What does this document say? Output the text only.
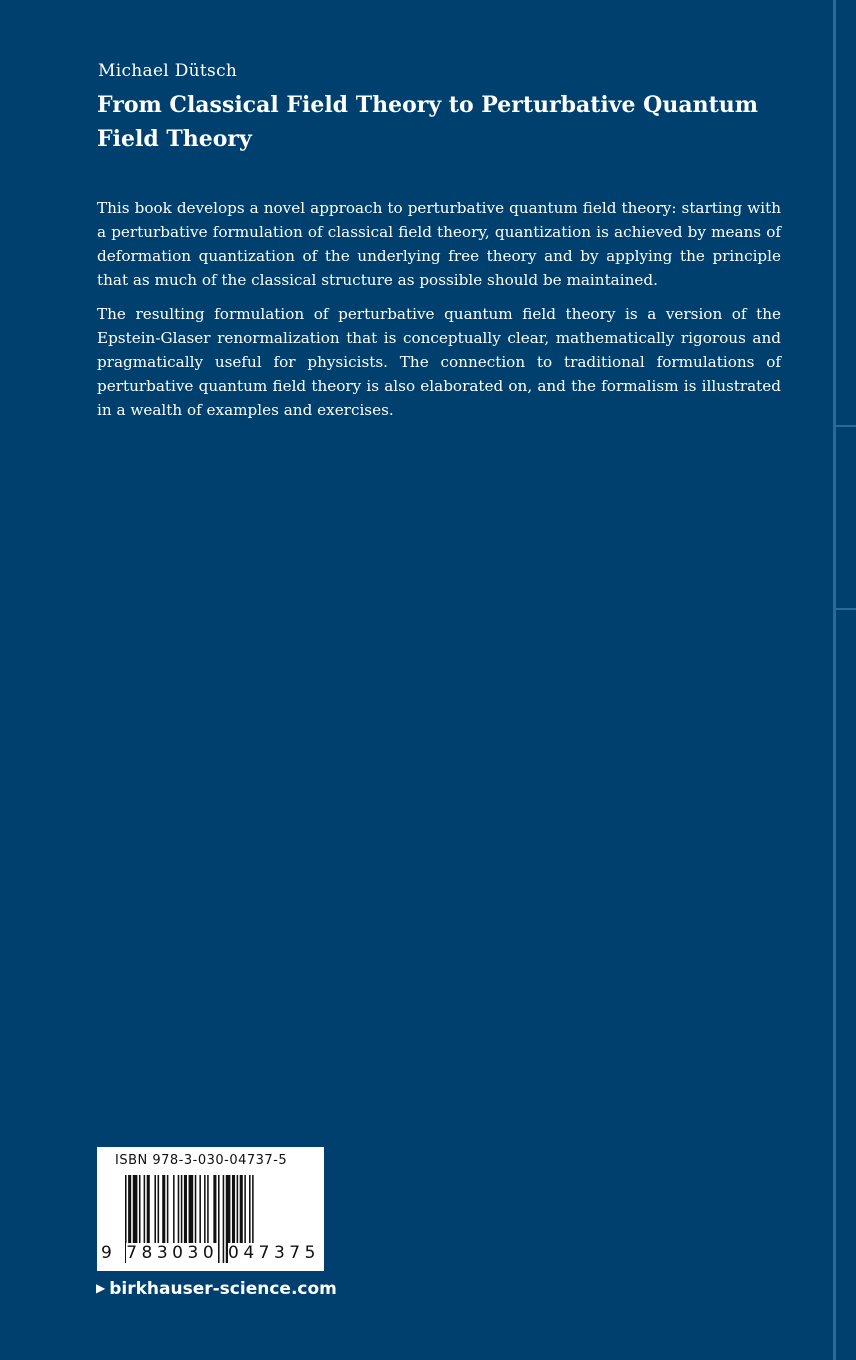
Michael Dütsch
From Classical Field Theory to Perturbative Quantum Field Theory

This book develops a novel approach to perturbative quantum field theory: starting with a perturbative formulation of classical field theory, quantization is achieved by means of deformation quantization of the underlying free theory and by applying the principle that as much of the classical structure as possible should be maintained.

The resulting formulation of perturbative quantum field theory is a version of the Epstein-Glaser renormalization that is conceptually clear, mathematically rigorous and pragmatically useful for physicists. The connection to traditional formulations of perturbative quantum field theory is also elaborated on, and the formalism is illustrated in a wealth of examples and exercises.

ISBN 978-3-030-04737-5
9 783030 047375
▶ birkhauser-science.com
